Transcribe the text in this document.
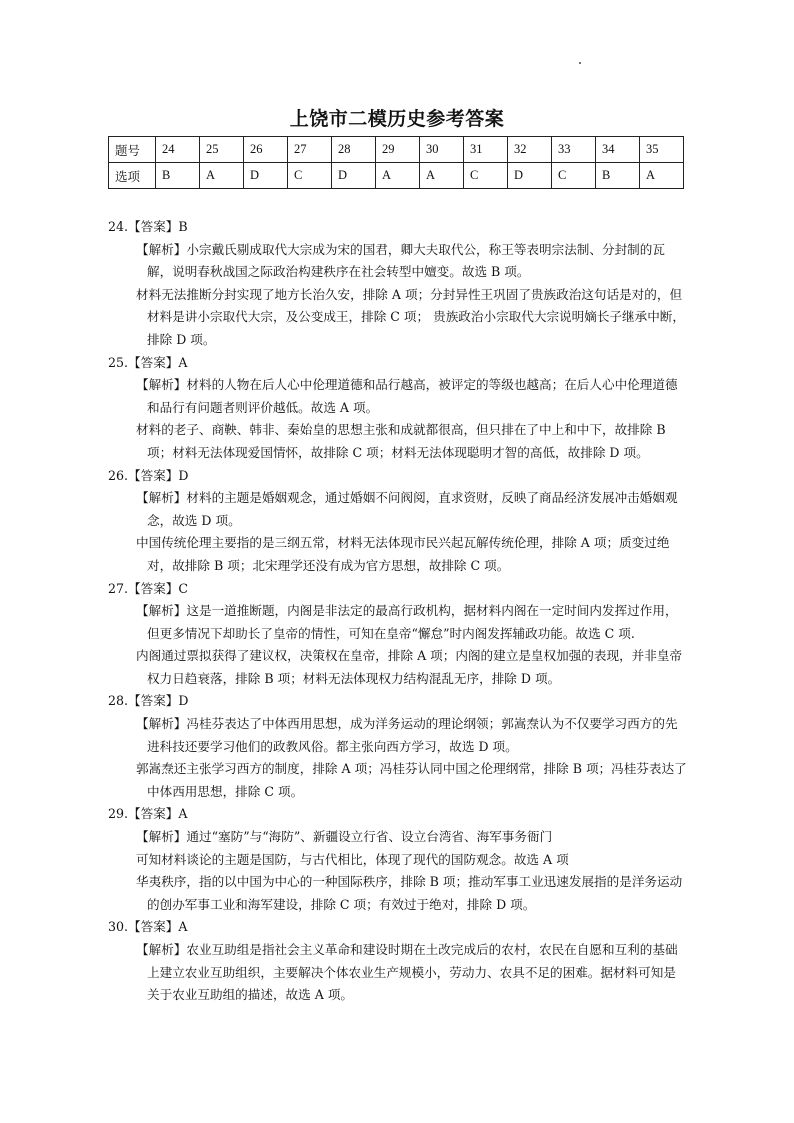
上饶市二模历史参考答案
题号	24	25	26	27	28	29	30	31	32	33	34	35
选项	B	A	D	C	D	A	A	C	D	C	B	A

24.【答案】B

【解析】小宗戴氏剔成取代大宗成为宋的国君，卿大夫取代公，称王等表明宗法制、分封制的瓦解，说明春秋战国之际政治构建秩序在社会转型中嬗变。故选 B 项。

材料无法推断分封实现了地方长治久安，排除 A 项；分封异性王巩固了贵族政治这句话是对的，但材料是讲小宗取代大宗，及公变成王，排除 C 项； 贵族政治小宗取代大宗说明嫡长子继承中断，排除 D 项。

25.【答案】A

【解析】材料的人物在后人心中伦理道德和品行越高，被评定的等级也越高；在后人心中伦理道德和品行有问题者则评价越低。故选 A 项。

材料的老子、商鞅、韩非、秦始皇的思想主张和成就都很高，但只排在了中上和中下，故排除 B 项；材料无法体现爱国情怀，故排除 C 项；材料无法体现聪明才智的高低，故排除 D 项。

26.【答案】D

【解析】材料的主题是婚姻观念，通过婚姻不问阀阅，直求资财，反映了商品经济发展冲击婚姻观念，故选 D 项。

中国传统伦理主要指的是三纲五常，材料无法体现市民兴起瓦解传统伦理，排除 A 项；质变过绝对，故排除 B 项；北宋理学还没有成为官方思想，故排除 C 项。

27.【答案】C

【解析】这是一道推断题，内阁是非法定的最高行政机构，据材料内阁在一定时间内发挥过作用，但更多情况下却助长了皇帝的情性，可知在皇帝“懈怠”时内阁发挥辅政功能。故选 C 项.

内阁通过票拟获得了建议权，决策权在皇帝，排除 A 项；内阁的建立是皇权加强的表现，并非皇帝权力日趋衰落，排除 B 项；材料无法体现权力结构混乱无序，排除 D 项。

28.【答案】D

【解析】冯桂芬表达了中体西用思想，成为洋务运动的理论纲领；郭嵩焘认为不仅要学习西方的先进科技还要学习他们的政教风俗。都主张向西方学习，故选 D 项。

郭嵩焘还主张学习西方的制度，排除 A 项；冯桂芬认同中国之伦理纲常，排除 B 项；冯桂芬表达了中体西用思想，排除 C 项。

29.【答案】A

【解析】通过“塞防”与“海防”、新疆设立行省、设立台湾省、海军事务衙门

可知材料谈论的主题是国防，与古代相比，体现了现代的国防观念。故选 A 项

华夷秩序，指的以中国为中心的一种国际秩序，排除 B 项；推动军事工业迅速发展指的是洋务运动的创办军事工业和海军建设，排除 C 项；有效过于绝对，排除 D 项。

30.【答案】A

【解析】农业互助组是指社会主义革命和建设时期在土改完成后的农村，农民在自愿和互利的基础上建立农业互助组织，主要解决个体农业生产规模小，劳动力、农具不足的困难。据材料可知是关于农业互助组的描述，故选 A 项。
